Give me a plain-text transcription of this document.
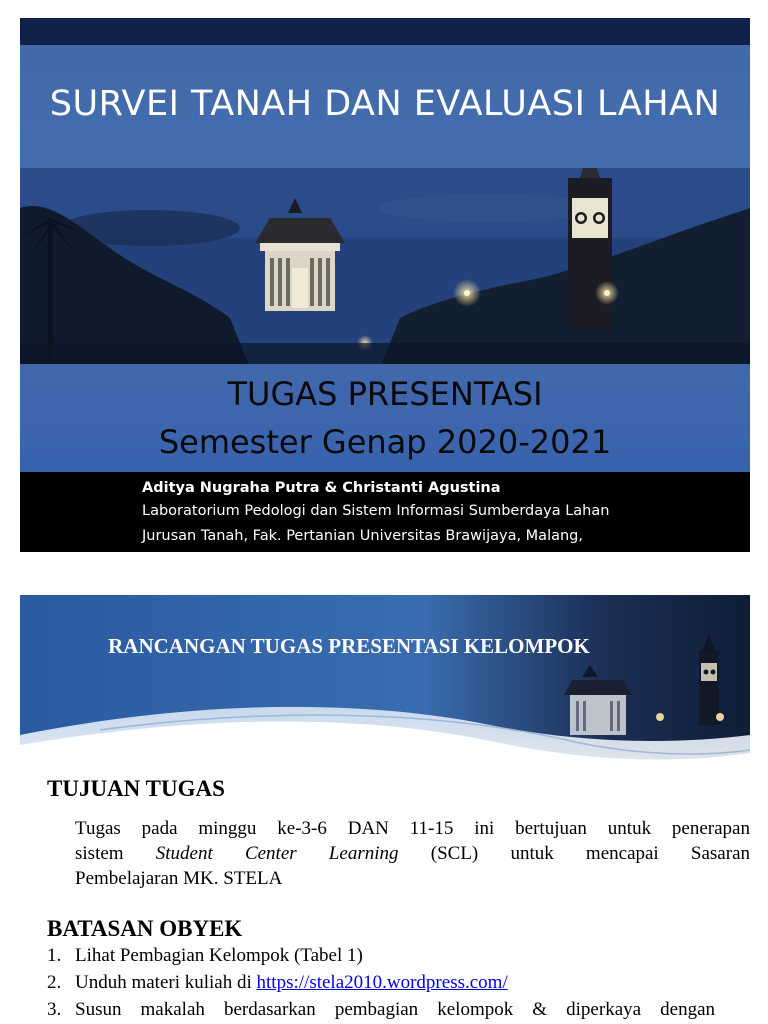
SURVEI TANAH DAN EVALUASI LAHAN
TUGAS PRESENTASI
Semester Genap 2020-2021
Aditya Nugraha Putra & Christanti Agustina
Laboratorium Pedologi dan Sistem Informasi Sumberdaya Lahan
Jurusan Tanah, Fak. Pertanian Universitas Brawijaya, Malang,
RANCANGAN TUGAS PRESENTASI KELOMPOK
TUJUAN TUGAS
Tugas pada minggu ke-3-6 DAN 11-15 ini bertujuan untuk penerapan
sistem Student Center Learning (SCL) untuk mencapai Sasaran
Pembelajaran MK. STELA
BATASAN OBYEK
1. Lihat Pembagian Kelompok (Tabel 1)
2. Unduh materi kuliah di https://stela2010.wordpress.com/
3. Susun makalah berdasarkan pembagian kelompok & diperkaya dengan
